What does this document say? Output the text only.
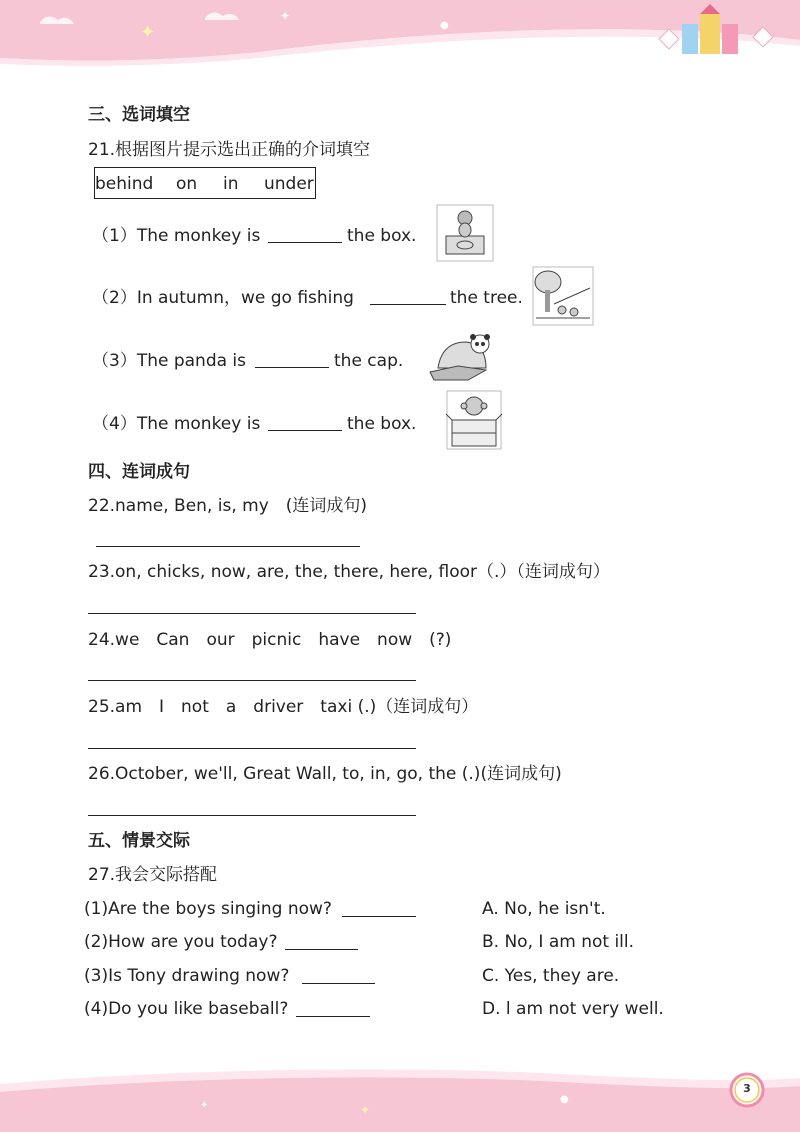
✦
✦
●
三、选词填空
21.根据图片提示选出正确的介词填空
behind on in under
（1）The monkey is	the box.
（2）In autumn，we go fishing	the tree.
（3）The panda is	the cap.
（4）The monkey is	the box.
四、连词成句
22.name, Ben, is, my　(连词成句)
23.on, chicks, now, are, the, there, here, floor（.）（连词成句）
24.we　Can　our　picnic　have　now　(?)
25.am　I　not　a　driver　taxi (.)（连词成句）
26.October, we'll, Great Wall, to, in, go, the (.)(连词成句)
五、情景交际
27.我会交际搭配
(1)Are the boys singing now?	A. No, he isn't.
(2)How are you today?	B. No, I am not ill.
(3)Is Tony drawing now?	C. Yes, they are.
(4)Do you like baseball?	D. l am not very well.
✦	✦
●
3
